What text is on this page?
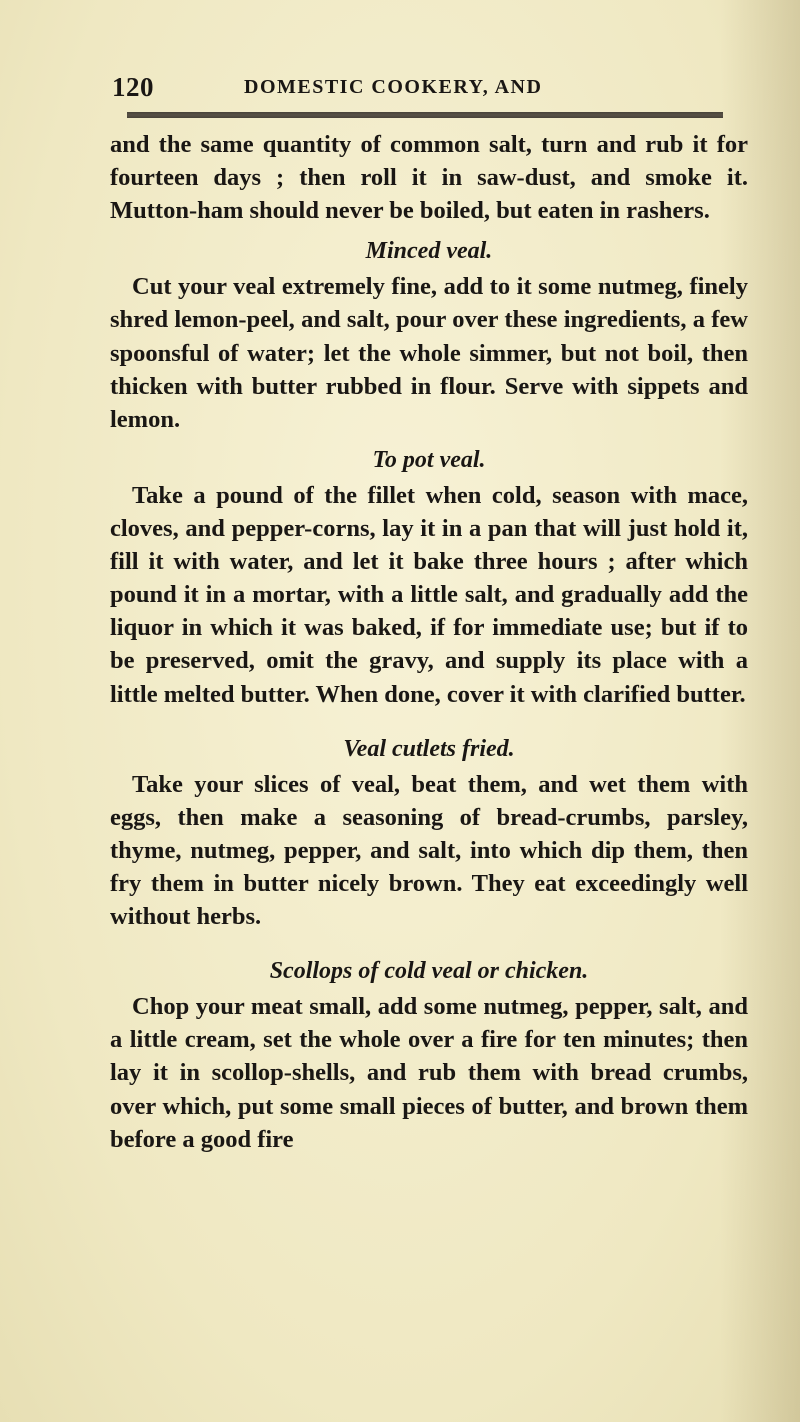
120	DOMESTIC COOKERY, AND

and the same quantity of common salt, turn and rub it for fourteen days ; then roll it in saw-dust, and smoke it. Mutton-ham should never be boiled, but eaten in rashers.

Minced veal.

Cut your veal extremely fine, add to it some nutmeg, finely shred lemon-peel, and salt, pour over these ingredients, a few spoonsful of water; let the whole simmer, but not boil, then thicken with butter rubbed in flour. Serve with sippets and lemon.

To pot veal.

Take a pound of the fillet when cold, season with mace, cloves, and pepper-corns, lay it in a pan that will just hold it, fill it with water, and let it bake three hours ; after which pound it in a mortar, with a little salt, and gradually add the liquor in which it was baked, if for immediate use; but if to be preserved, omit the gravy, and supply its place with a little melted butter. When done, cover it with clarified butter.

Veal cutlets fried.

Take your slices of veal, beat them, and wet them with eggs, then make a seasoning of bread-crumbs, parsley, thyme, nutmeg, pepper, and salt, into which dip them, then fry them in butter nicely brown. They eat exceedingly well without herbs.

Scollops of cold veal or chicken.

Chop your meat small, add some nutmeg, pepper, salt, and a little cream, set the whole over a fire for ten minutes; then lay it in scollop-shells, and rub them with bread crumbs, over which, put some small pieces of butter, and brown them before a good fire
